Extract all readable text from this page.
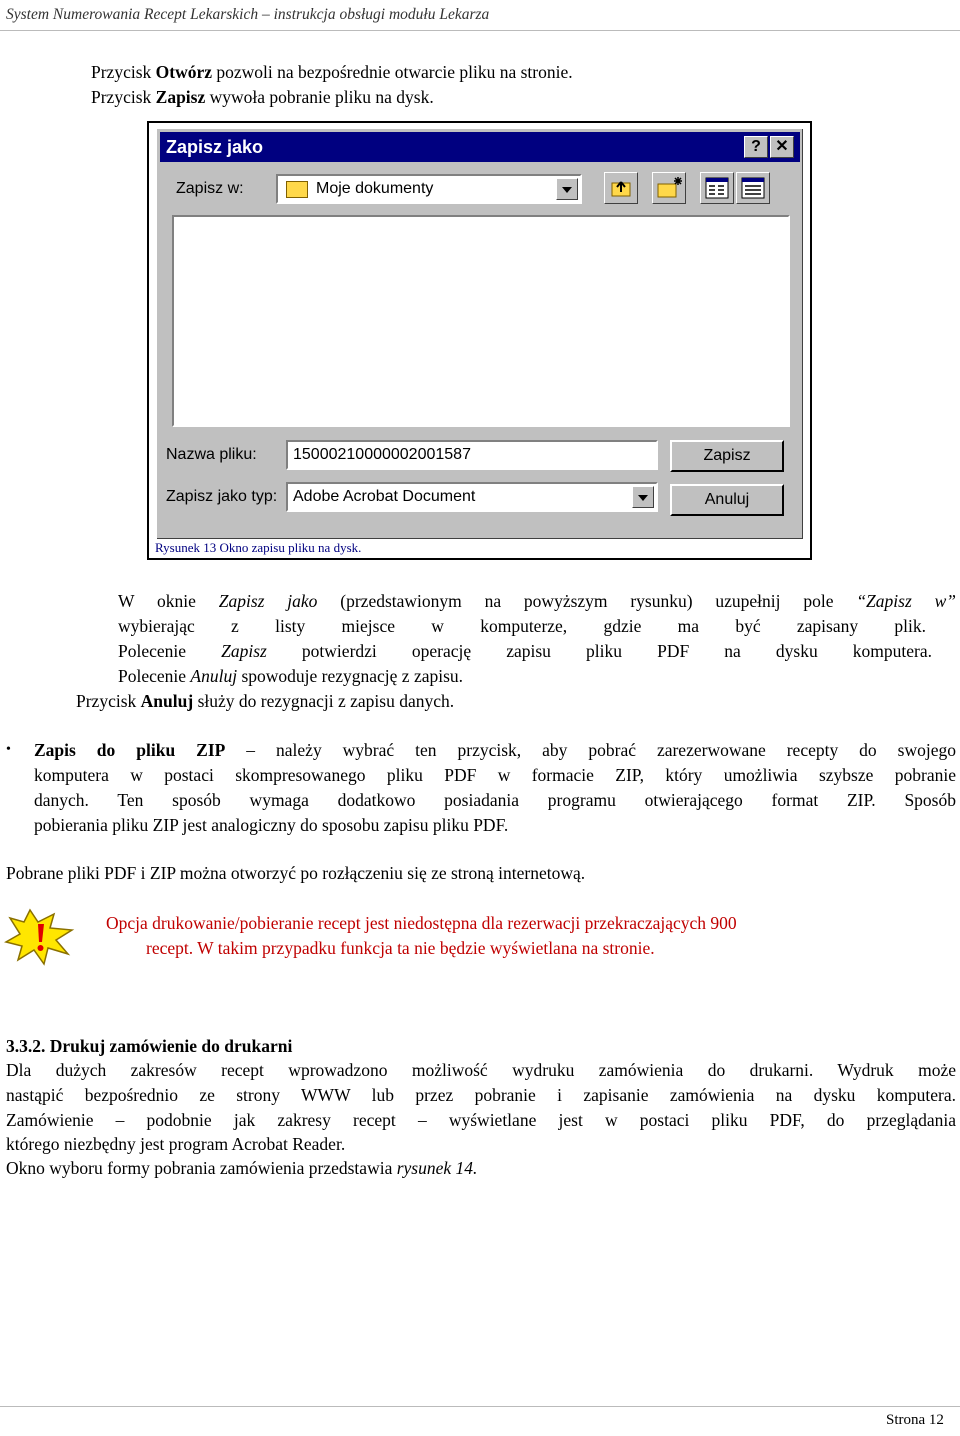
System Numerowania Recept Lekarskich – instrukcja obsługi modułu Lekarza
Przycisk Otwórz pozwoli na bezpośrednie otwarcie pliku na stronie.
Przycisk Zapisz wywoła pobranie pliku na dysk.
Zapisz jako	? ✕
Zapisz w:	Moje dokumenty
Nazwa pliku: 15000210000002001587
Zapisz jako typ: Adobe Acrobat Document
Zapisz
Anuluj
Rysunek 13 Okno zapisu pliku na dysk.
W oknie Zapisz jako (przedstawionym na powyższym rysunku) uzupełnij pole “Zapisz w”
wybierając z listy miejsce w komputerze, gdzie ma być zapisany plik.
Polecenie Zapisz potwierdzi operację zapisu pliku PDF na dysku komputera.
Polecenie Anuluj spowoduje rezygnację z zapisu.
Przycisk Anuluj służy do rezygnacji z zapisu danych.
• Zapis do pliku ZIP – należy wybrać ten przycisk, aby pobrać zarezerwowane recepty do swojego
komputera w postaci skompresowanego pliku PDF w formacie ZIP, który umożliwia szybsze pobranie
danych. Ten sposób wymaga dodatkowo posiadania programu otwierającego format ZIP. Sposób
pobierania pliku ZIP jest analogiczny do sposobu zapisu pliku PDF.
Pobrane pliki PDF i ZIP można otworzyć po rozłączeniu się ze stroną internetową.
Opcja drukowanie/pobieranie recept jest niedostępna dla rezerwacji przekraczających 900
recept. W takim przypadku funkcja ta nie będzie wyświetlana na stronie.
3.3.2. Drukuj zamówienie do drukarni
Dla dużych zakresów recept wprowadzono możliwość wydruku zamówienia do drukarni. Wydruk może
nastąpić bezpośrednio ze strony WWW lub przez pobranie i zapisanie zamówienia na dysku komputera.
Zamówienie – podobnie jak zakresy recept – wyświetlane jest w postaci pliku PDF, do przeglądania
którego niezbędny jest program Acrobat Reader.
Okno wyboru formy pobrania zamówienia przedstawia rysunek 14.
Strona 12
